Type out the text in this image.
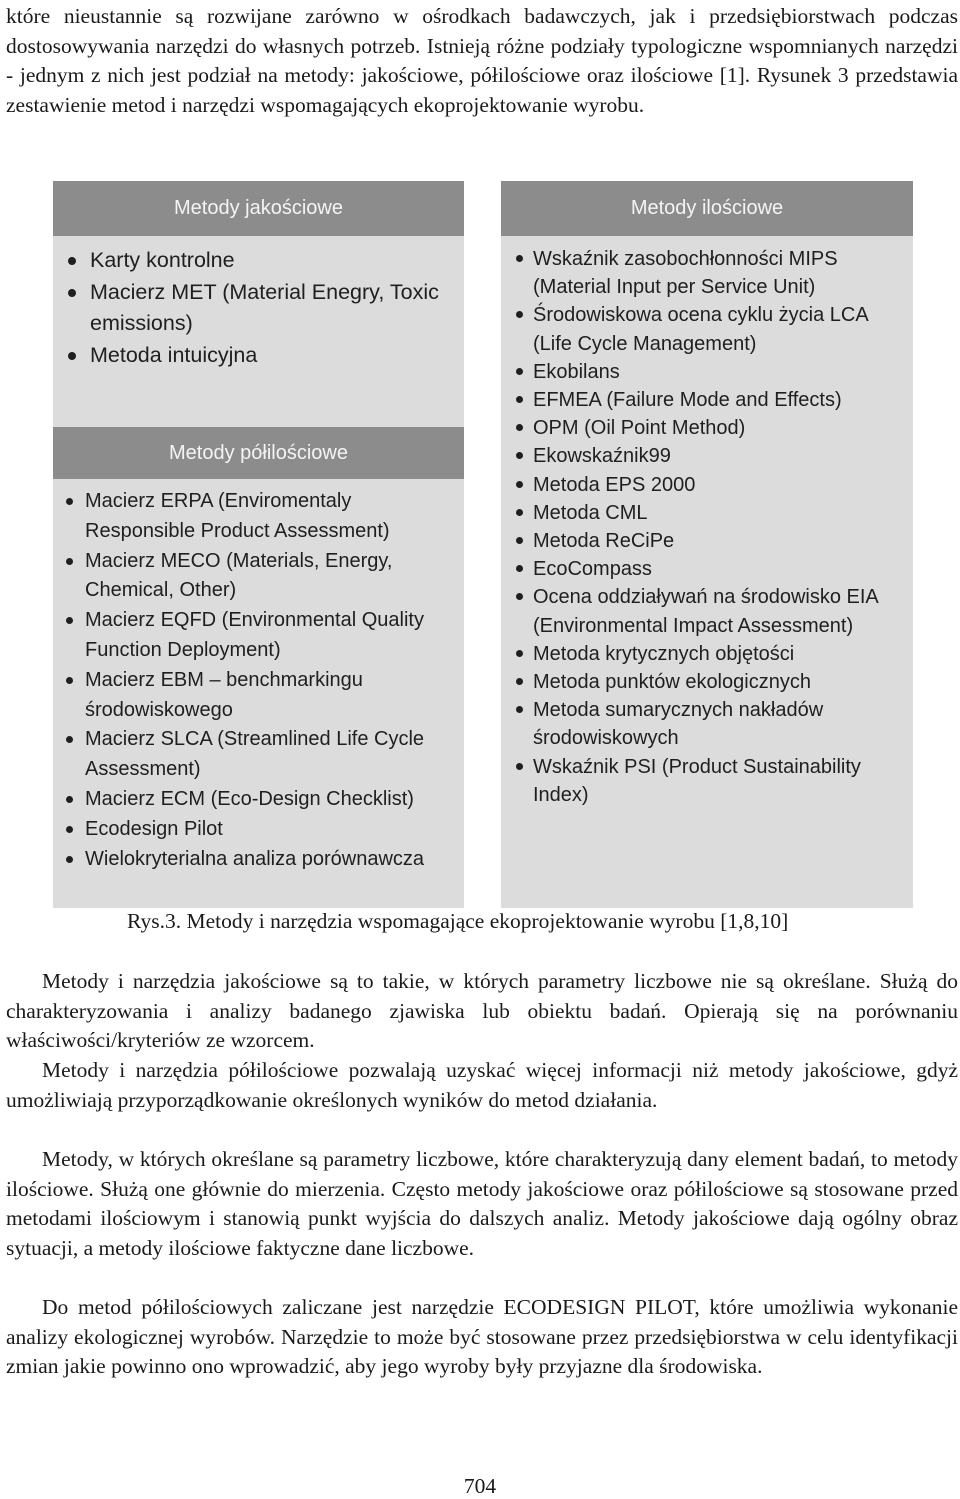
które nieustannie są rozwijane zarówno w ośrodkach badawczych, jak i przedsiębiorstwach podczas dostosowywania narzędzi do własnych potrzeb. Istnieją różne podziały typologiczne wspomnianych narzędzi - jednym z nich jest podział na metody: jakościowe, półilościowe oraz ilościowe [1]. Rysunek 3 przedstawia zestawienie metod i narzędzi wspomagających ekoprojektowanie wyrobu.

Metody jakościowe
Karty kontrolne
Macierz MET (Material Enegry, Toxic emissions)
Metoda intuicyjna
Metody półilościowe
Macierz ERPA (Enviromentaly Responsible Product Assessment)
Macierz MECO (Materials, Energy, Chemical, Other)
Macierz EQFD (Environmental Quality Function Deployment)
Macierz EBM – benchmarkingu środowiskowego
Macierz SLCA (Streamlined Life Cycle Assessment)
Macierz ECM (Eco-Design Checklist)
Ecodesign Pilot
Wielokryterialna analiza porównawcza
Metody ilościowe
Wskaźnik zasobochłonności MIPS (Material Input per Service Unit)
Środowiskowa ocena cyklu życia LCA (Life Cycle Management)
Ekobilans
EFMEA (Failure Mode and Effects)
OPM (Oil Point Method)
Ekowskaźnik99
Metoda EPS 2000
Metoda CML
Metoda ReCiPe
EcoCompass
Ocena oddziaływań na środowisko EIA (Environmental Impact Assessment)
Metoda krytycznych objętości
Metoda punktów ekologicznych
Metoda sumarycznych nakładów środowiskowych
Wskaźnik PSI (Product Sustainability Index)
Rys.3. Metody i narzędzia wspomagające ekoprojektowanie wyrobu [1,8,10]

Metody i narzędzia jakościowe są to takie, w których parametry liczbowe nie są określane. Służą do charakteryzowania i analizy badanego zjawiska lub obiektu badań. Opierają się na porównaniu właściwości/kryteriów ze wzorcem.

Metody i narzędzia półilościowe pozwalają uzyskać więcej informacji niż metody jakościowe, gdyż umożliwiają przyporządkowanie określonych wyników do metod działania.

Metody, w których określane są parametry liczbowe, które charakteryzują dany element badań, to metody ilościowe. Służą one głównie do mierzenia. Często metody jakościowe oraz półilościowe są stosowane przed metodami ilościowym i stanowią punkt wyjścia do dalszych analiz. Metody jakościowe dają ogólny obraz sytuacji, a metody ilościowe faktyczne dane liczbowe.

Do metod półilościowych zaliczane jest narzędzie ECODESIGN PILOT, które umożliwia wykonanie analizy ekologicznej wyrobów. Narzędzie to może być stosowane przez przedsiębiorstwa w celu identyfikacji zmian jakie powinno ono wprowadzić, aby jego wyroby były przyjazne dla środowiska.

704
